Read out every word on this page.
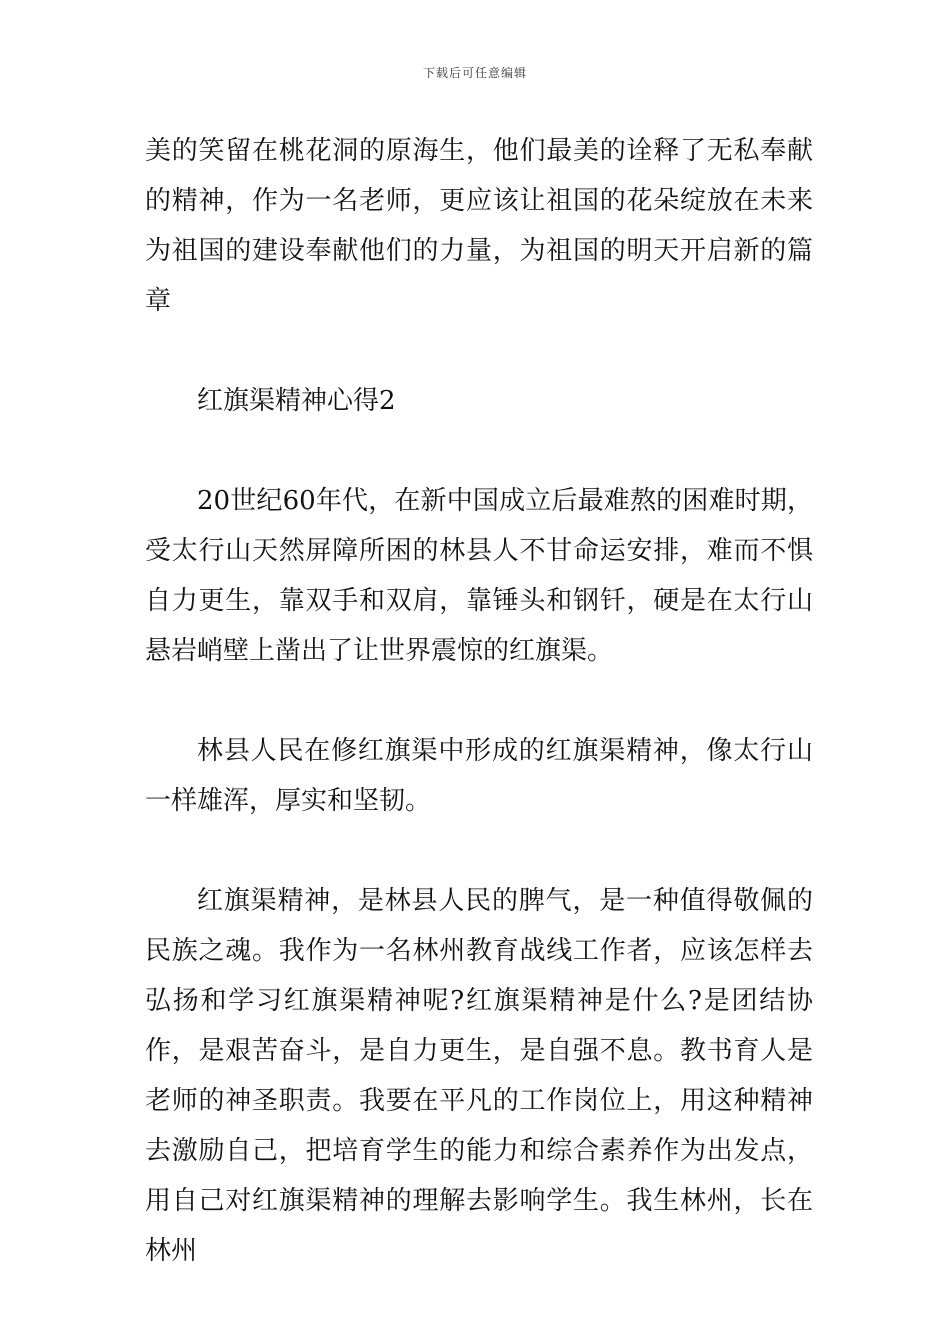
下载后可任意编辑

美的笑留在桃花洞的原海生，他们最美的诠释了无私奉献的精神，作为一名老师，更应该让祖国的花朵绽放在未来为祖国的建设奉献他们的力量，为祖国的明天开启新的篇章

红旗渠精神心得2

20世纪60年代，在新中国成立后最难熬的困难时期，受太行山天然屏障所困的林县人不甘命运安排，难而不惧自力更生，靠双手和双肩，靠锤头和钢钎，硬是在太行山悬岩峭壁上凿出了让世界震惊的红旗渠。

林县人民在修红旗渠中形成的红旗渠精神，像太行山一样雄浑，厚实和坚韧。

红旗渠精神，是林县人民的脾气，是一种值得敬佩的民族之魂。我作为一名林州教育战线工作者，应该怎样去弘扬和学习红旗渠精神呢?红旗渠精神是什么?是团结协作，是艰苦奋斗，是自力更生，是自强不息。教书育人是老师的神圣职责。我要在平凡的工作岗位上，用这种精神去激励自己，把培育学生的能力和综合素养作为出发点，用自己对红旗渠精神的理解去影响学生。我生林州，长在林州
